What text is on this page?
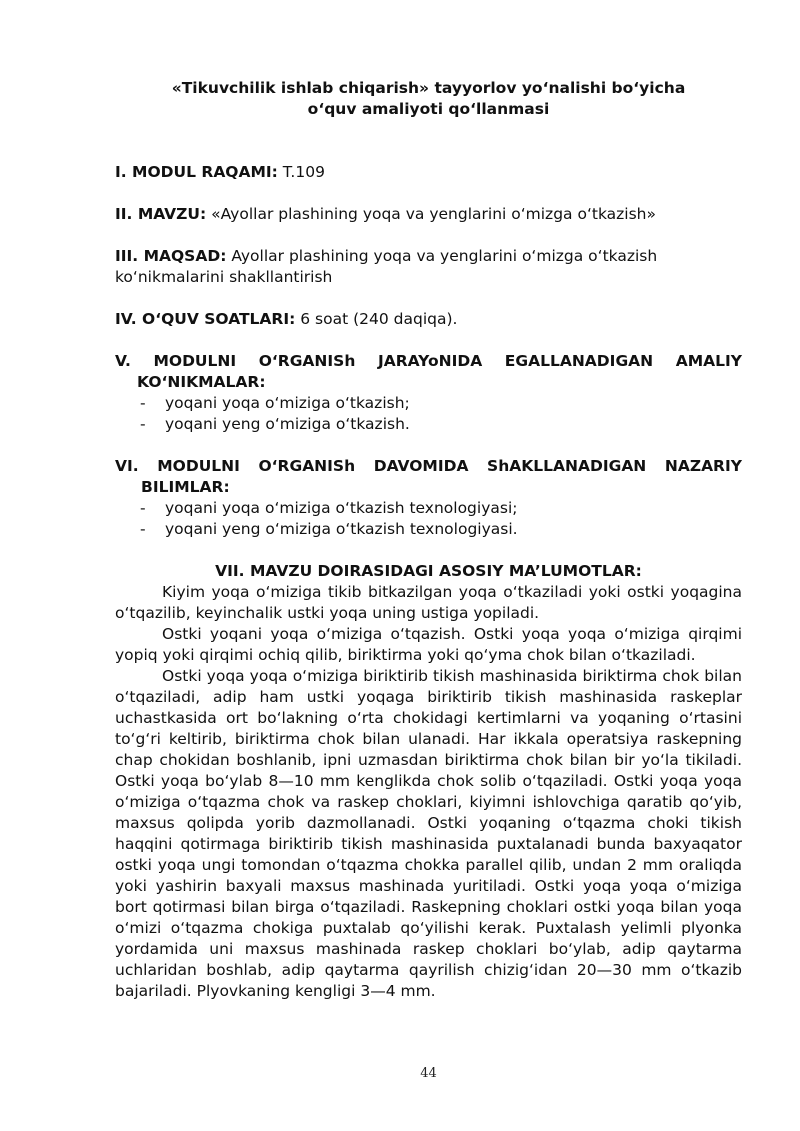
«Tikuvchilik ishlab chiqarish» tayyorlov yo‘nalishi bo‘yicha
o‘quv amaliyoti qo‘llanmasi

I. MODUL RAQAMI: T.109

II. MAVZU: «Ayollar plashining yoqa va yenglarini o‘mizga o‘tkazish»

III. MAQSAD: Ayollar plashining yoqa va yenglarini o‘mizga o‘tkazish ko‘nikmalarini shakllantirish

IV. O‘QUV SOATLARI: 6 soat (240 daqiqa).

V. MODULNI O‘RGANISh JARAYoNIDA EGALLANADIGAN AMALIY
KO‘NIKMALAR:
- yoqani yoqa o‘miziga o‘tkazish;
- yoqani yeng o‘miziga o‘tkazish.
VI. MODULNI O‘RGANISh DAVOMIDA ShAKLLANADIGAN NAZARIY
BILIMLAR:
- yoqani yoqa o‘miziga o‘tkazish texnologiyasi;
- yoqani yeng o‘miziga o‘tkazish texnologiyasi.

VII. MAVZU DOIRASIDAGI ASOSIY MA’LUMOTLAR:

Kiyim yoqa o‘miziga tikib bitkazilgan yoqa o‘tkaziladi yoki ostki yoqagina o‘tqazilib, keyinchalik ustki yoqa uning ustiga yopiladi.

Ostki yoqani yoqa o‘miziga o‘tqazish. Ostki yoqa yoqa o‘miziga qirqimi yopiq yoki qirqimi ochiq qilib, biriktirma yoki qo‘yma chok bilan o‘tkaziladi.

Ostki yoqa yoqa o‘miziga biriktirib tikish mashinasida biriktirma chok bilan o‘tqaziladi, adip ham ustki yoqaga biriktirib tikish mashinasida raskeplar uchastkasida ort bo‘lakning o‘rta chokidagi kertimlarni va yoqaning o‘rtasini to‘g‘ri keltirib, biriktirma chok bilan ulanadi. Har ikkala operatsiya raskepning chap chokidan boshlanib, ipni uzmasdan biriktirma chok bilan bir yo‘la tikiladi. Ostki yoqa bo‘ylab 8—10 mm kenglikda chok solib o‘tqaziladi. Ostki yoqa yoqa o‘miziga o‘tqazma chok va raskep choklari, kiyimni ishlovchiga qaratib qo‘yib, maxsus qolipda yorib dazmollanadi. Ostki yoqaning o‘tqazma choki tikish haqqini qotirmaga biriktirib tikish mashinasida puxtalanadi bunda baxyaqator ostki yoqa ungi tomondan o‘tqazma chokka parallel qilib, undan 2 mm oraliqda yoki yashirin baxyali maxsus mashinada yuritiladi. Ostki yoqa yoqa o‘miziga bort qotirmasi bilan birga o‘tqaziladi. Raskepning choklari ostki yoqa bilan yoqa o‘mizi o‘tqazma chokiga puxtalab qo‘yilishi kerak. Puxtalash yelimli plyonka yordamida uni maxsus mashinada raskep choklari bo‘ylab, adip qaytarma uchlaridan boshlab, adip qaytarma qayrilish chizig‘idan 20—30 mm o‘tkazib bajariladi. Plyovkaning kengligi 3—4 mm.

44
